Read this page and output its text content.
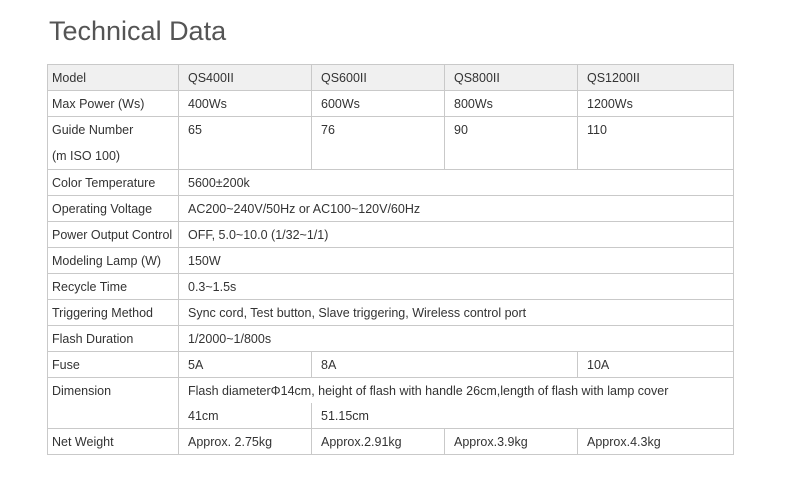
Technical Data
Model	QS400II	QS600II	QS800II	QS1200II
Max Power (Ws)	400Ws	600Ws	800Ws	1200Ws

Guide Number
(m ISO 100)	65	76	90	110
Color Temperature	5600±200k			
Operating Voltage	AC200~240V/50Hz or AC100~120V/60Hz			
Power Output Control	OFF, 5.0~10.0 (1/32~1/1)			
Modeling Lamp (W)	150W			
Recycle Time	0.3~1.5s			
Triggering Method	Sync cord, Test button, Slave triggering, Wireless control port			
Flash Duration	1/2000~1/800s			
Fuse	5A	8A		10A
Dimension	Flash diameterΦ14cm, height of flash with handle 26cm,length of flash with lamp cover			
	41cm	51.15cm		
Net Weight	Approx. 2.75kg	Approx.2.91kg	Approx.3.9kg	Approx.4.3kg
